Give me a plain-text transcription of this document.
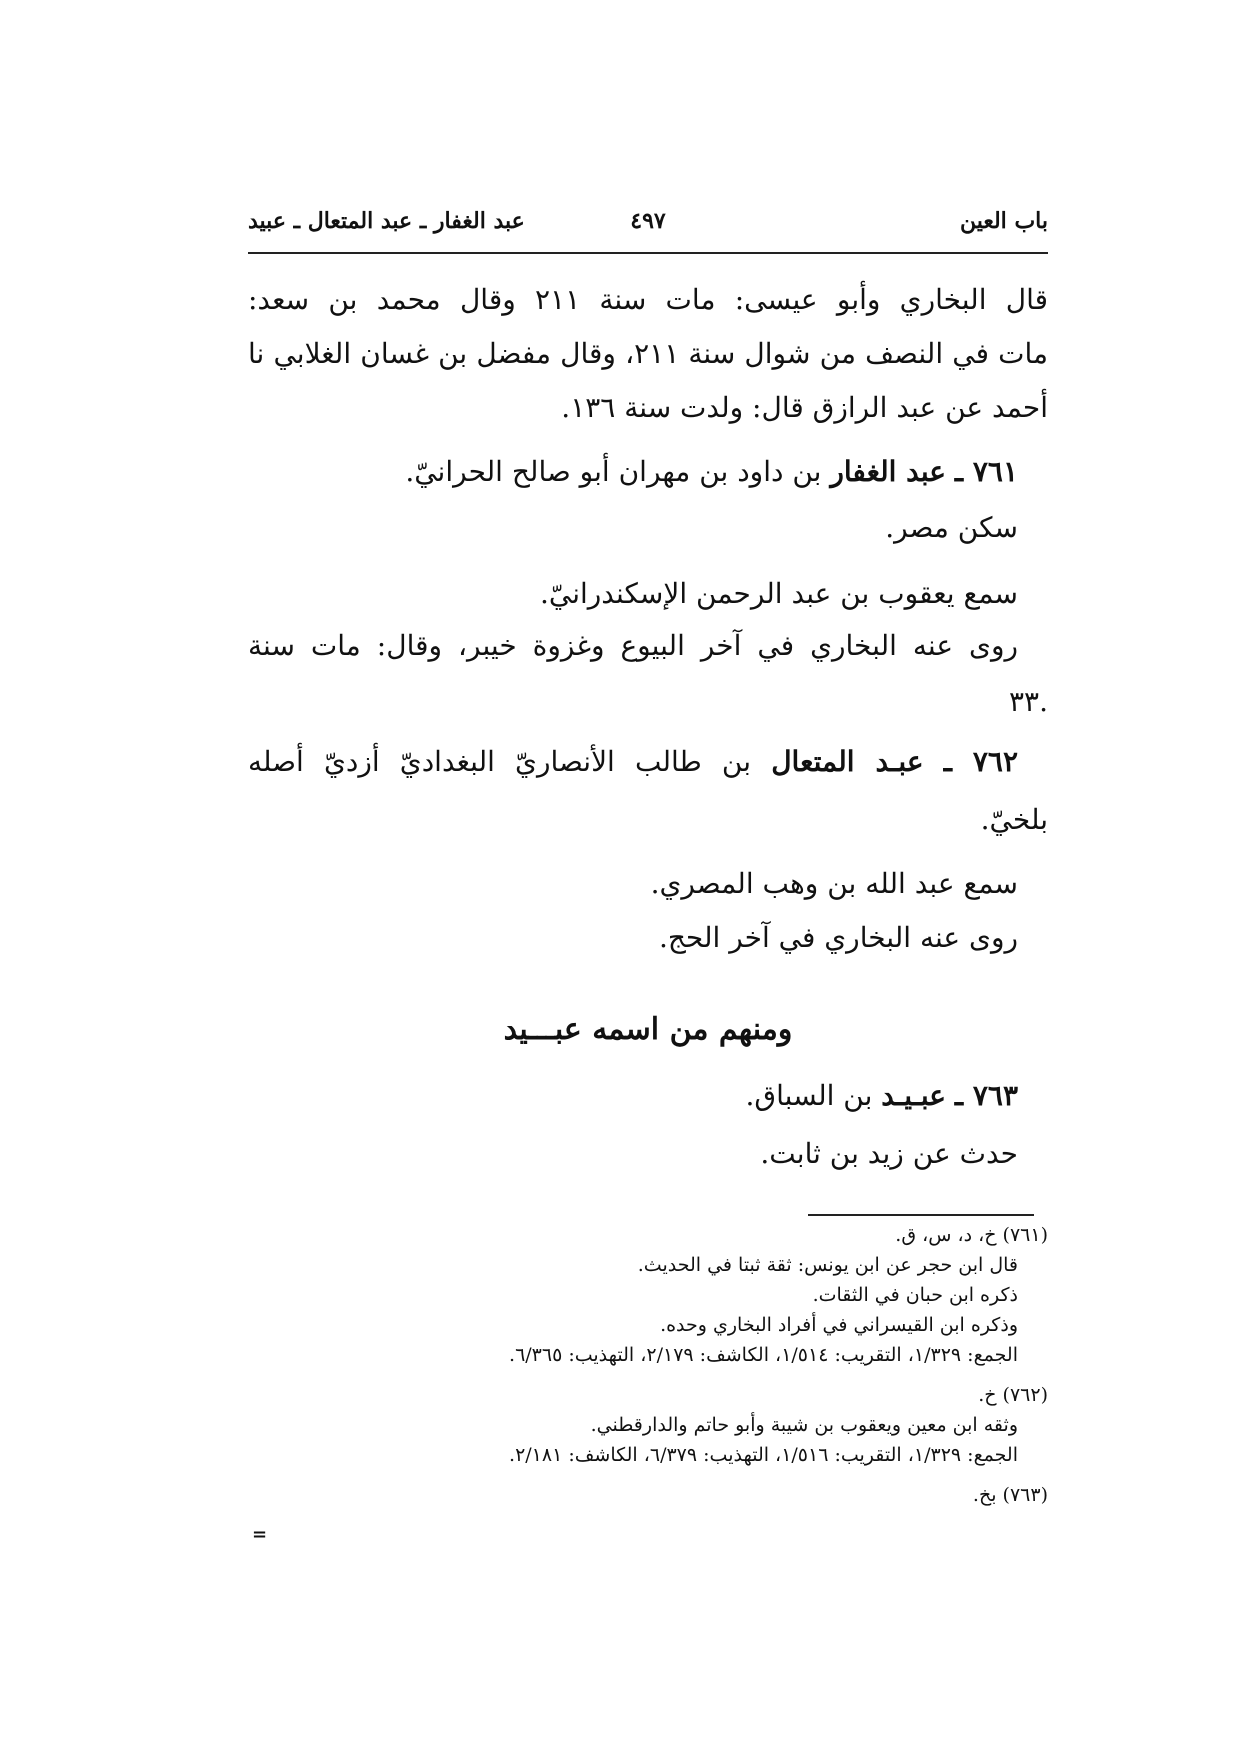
باب العين
٤٩٧
عبد الغفار ـ عبد المتعال ـ عبيد
قال البخاري وأبو عيسى: مات سنة ٢١١ وقال محمد بن سعد:
مات في النصف من شوال سنة ٢١١، وقال مفضل بن غسان الغلابي نا
أحمد عن عبد الرازق قال: ولدت سنة ١٣٦.
٧٦١ ـ عبد الغفار بن داود بن مهران أبو صالح الحرانيّ.
سكن مصر.
سمع يعقوب بن عبد الرحمن الإسكندرانيّ.
روى عنه البخاري في آخر البيوع وغزوة خيبر، وقال: مات سنة
٣٣.
٧٦٢ ـ عبـد المتعال بن طالب الأنصاريّ البغداديّ أزديّ أصله
بلخيّ.
سمع عبد الله بن وهب المصري.
روى عنه البخاري في آخر الحج.
ومنهم من اسمه عبـــيد
٧٦٣ ـ عبـيـد بن السباق.
حدث عن زيد بن ثابت.
(٧٦١) خ، د، س، ق.
قال ابن حجر عن ابن يونس: ثقة ثبتا في الحديث.
ذكره ابن حبان في الثقات.
وذكره ابن القيسراني في أفراد البخاري وحده.
الجمع: ١/٣٢٩، التقريب: ١/٥١٤، الكاشف: ٢/١٧٩، التهذيب: ٦/٣٦٥.
(٧٦٢) خ.
وثقه ابن معين ويعقوب بن شيبة وأبو حاتم والدارقطني.
الجمع: ١/٣٢٩، التقريب: ١/٥١٦، التهذيب: ٦/٣٧٩، الكاشف: ٢/١٨١.
(٧٦٣) بخ.
=
